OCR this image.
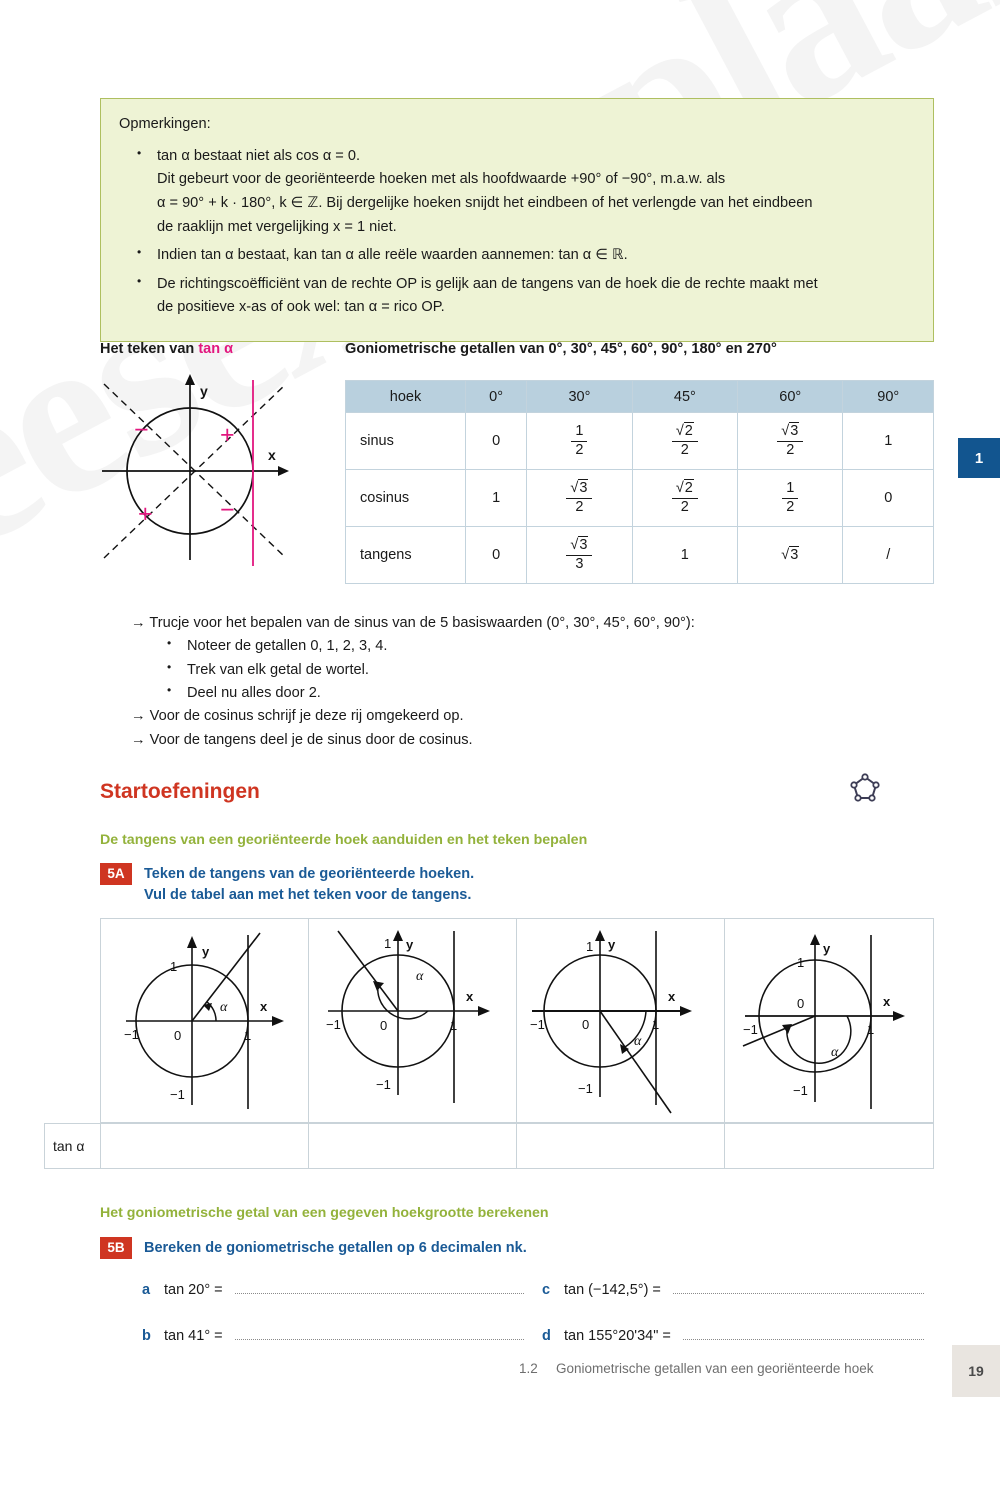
1
Opmerkingen:
• tan α bestaat niet als cos α = 0.
Dit gebeurt voor de georiënteerde hoeken met als hoofdwaarde +90° of −90°, m.a.w. als
α = 90° + k · 180°, k ∈ ℤ. Bij dergelijke hoeken snijdt het eindbeen of het verlengde van het eindbeen
de raaklijn met vergelijking x = 1 niet.
• Indien tan α bestaat, kan tan α alle reële waarden aannemen: tan α ∈ ℝ.
• De richtingscoëfficiënt van de rechte OP is gelijk aan de tangens van de hoek die de rechte maakt met
de positieve x-as of ook wel: tan α = rico OP.
Het teken van tan α
y
x
−	+
+	−
Goniometrische getallen van 0°, 30°, 45°, 60°, 90°, 180° en 270°
hoek	0°	30°	45°	60°	90°
sinus	0	$\frac{1}{2}$	$\frac{√2}{2}$	$\frac{√3}{2}$	1
cosinus	1	$\frac{√3}{2}$	$\frac{√2}{2}$	$\frac{1}{2}$	0
tangens	0	$\frac{√3}{3}$	1	√3	/
→ Trucje voor het bepalen van de sinus van de 5 basiswaarden (0°, 30°, 45°, 60°, 90°):
• Noteer de getallen 0, 1, 2, 3, 4.
• Trek van elk getal de wortel.
• Deel nu alles door 2.
→ Voor de cosinus schrijf je deze rij omgekeerd op.
→ Voor de tangens deel je de sinus door de cosinus.
Startoefeningen
De tangens van een georiënteerde hoek aanduiden en het teken bepalen
5A	Teken de tangens van de georiënteerde hoeken.
Vul de tabel aan met het teken voor de tangens.
α
y
x
1
−1	0	1
−1
α
y
x
1
−1	0	1
−1
α
y
x
1
−1	0	1
−1
α
y
x
1
−1
0
1
−1
tan α
Het goniometrische getal van een gegeven hoekgrootte berekenen
5B	Bereken de goniometrische getallen op 6 decimalen nk.
a tan 20° =	c tan (−142,5°) =
b tan 41° =	d tan 155°20'34" =
1.2 Goniometrische getallen van een georiënteerde hoek	19
